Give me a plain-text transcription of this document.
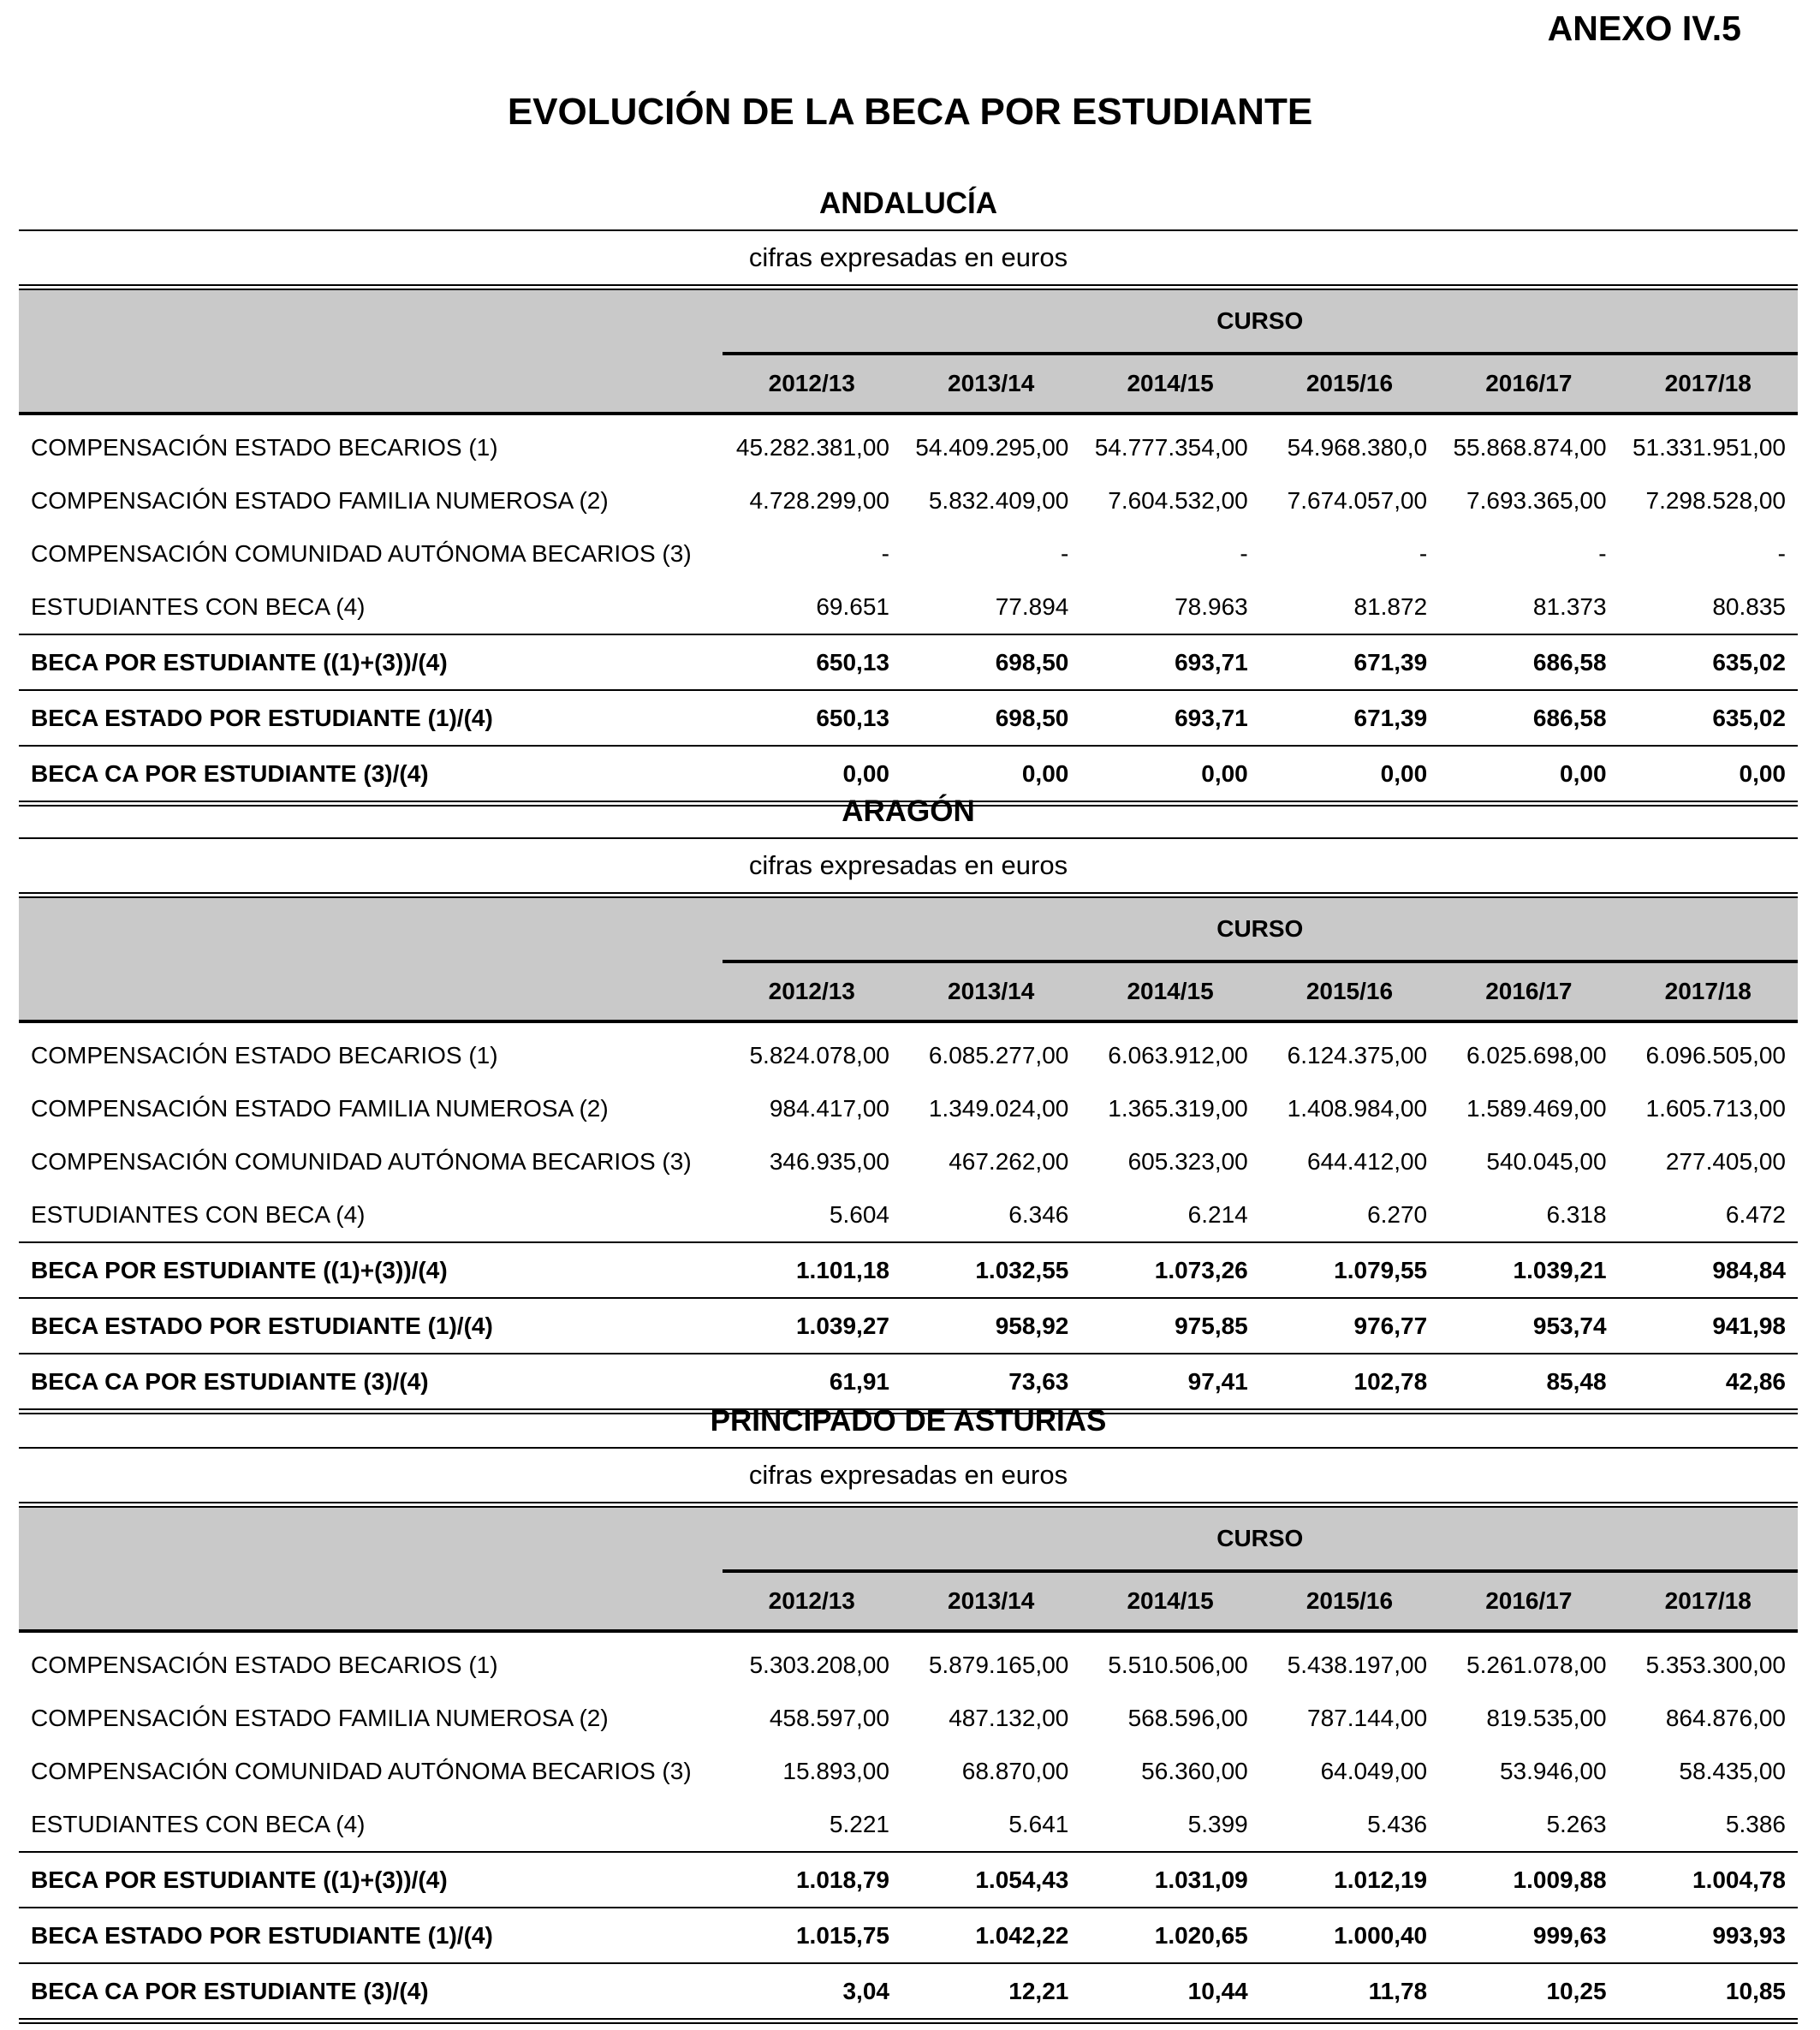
ANEXO IV.5
EVOLUCIÓN DE LA BECA POR ESTUDIANTE
ANDALUCÍA
cifras expresadas en euros
	CURSO					
	2012/13	2013/14	2014/15	2015/16	2016/17	2017/18
COMPENSACIÓN ESTADO BECARIOS (1)	45.282.381,00	54.409.295,00	54.777.354,00	54.968.380,0	55.868.874,00	51.331.951,00
COMPENSACIÓN ESTADO FAMILIA NUMEROSA (2)	4.728.299,00	5.832.409,00	7.604.532,00	7.674.057,00	7.693.365,00	7.298.528,00
COMPENSACIÓN COMUNIDAD AUTÓNOMA BECARIOS (3)	-	-	-	-	-	-
ESTUDIANTES CON BECA (4)	69.651	77.894	78.963	81.872	81.373	80.835
BECA POR ESTUDIANTE ((1)+(3))/(4)	650,13	698,50	693,71	671,39	686,58	635,02
BECA ESTADO POR ESTUDIANTE (1)/(4)	650,13	698,50	693,71	671,39	686,58	635,02
BECA CA POR ESTUDIANTE (3)/(4)	0,00	0,00	0,00	0,00	0,00	0,00
ARAGÓN
cifras expresadas en euros
	CURSO					
	2012/13	2013/14	2014/15	2015/16	2016/17	2017/18
COMPENSACIÓN ESTADO BECARIOS (1)	5.824.078,00	6.085.277,00	6.063.912,00	6.124.375,00	6.025.698,00	6.096.505,00
COMPENSACIÓN ESTADO FAMILIA NUMEROSA (2)	984.417,00	1.349.024,00	1.365.319,00	1.408.984,00	1.589.469,00	1.605.713,00
COMPENSACIÓN COMUNIDAD AUTÓNOMA BECARIOS (3)	346.935,00	467.262,00	605.323,00	644.412,00	540.045,00	277.405,00
ESTUDIANTES CON BECA (4)	5.604	6.346	6.214	6.270	6.318	6.472
BECA POR ESTUDIANTE ((1)+(3))/(4)	1.101,18	1.032,55	1.073,26	1.079,55	1.039,21	984,84
BECA ESTADO POR ESTUDIANTE (1)/(4)	1.039,27	958,92	975,85	976,77	953,74	941,98
BECA CA POR ESTUDIANTE (3)/(4)	61,91	73,63	97,41	102,78	85,48	42,86
PRINCIPADO DE ASTURIAS
cifras expresadas en euros
	CURSO					
	2012/13	2013/14	2014/15	2015/16	2016/17	2017/18
COMPENSACIÓN ESTADO BECARIOS (1)	5.303.208,00	5.879.165,00	5.510.506,00	5.438.197,00	5.261.078,00	5.353.300,00
COMPENSACIÓN ESTADO FAMILIA NUMEROSA (2)	458.597,00	487.132,00	568.596,00	787.144,00	819.535,00	864.876,00
COMPENSACIÓN COMUNIDAD AUTÓNOMA BECARIOS (3)	15.893,00	68.870,00	56.360,00	64.049,00	53.946,00	58.435,00
ESTUDIANTES CON BECA (4)	5.221	5.641	5.399	5.436	5.263	5.386
BECA POR ESTUDIANTE ((1)+(3))/(4)	1.018,79	1.054,43	1.031,09	1.012,19	1.009,88	1.004,78
BECA ESTADO POR ESTUDIANTE (1)/(4)	1.015,75	1.042,22	1.020,65	1.000,40	999,63	993,93
BECA CA POR ESTUDIANTE (3)/(4)	3,04	12,21	10,44	11,78	10,25	10,85
